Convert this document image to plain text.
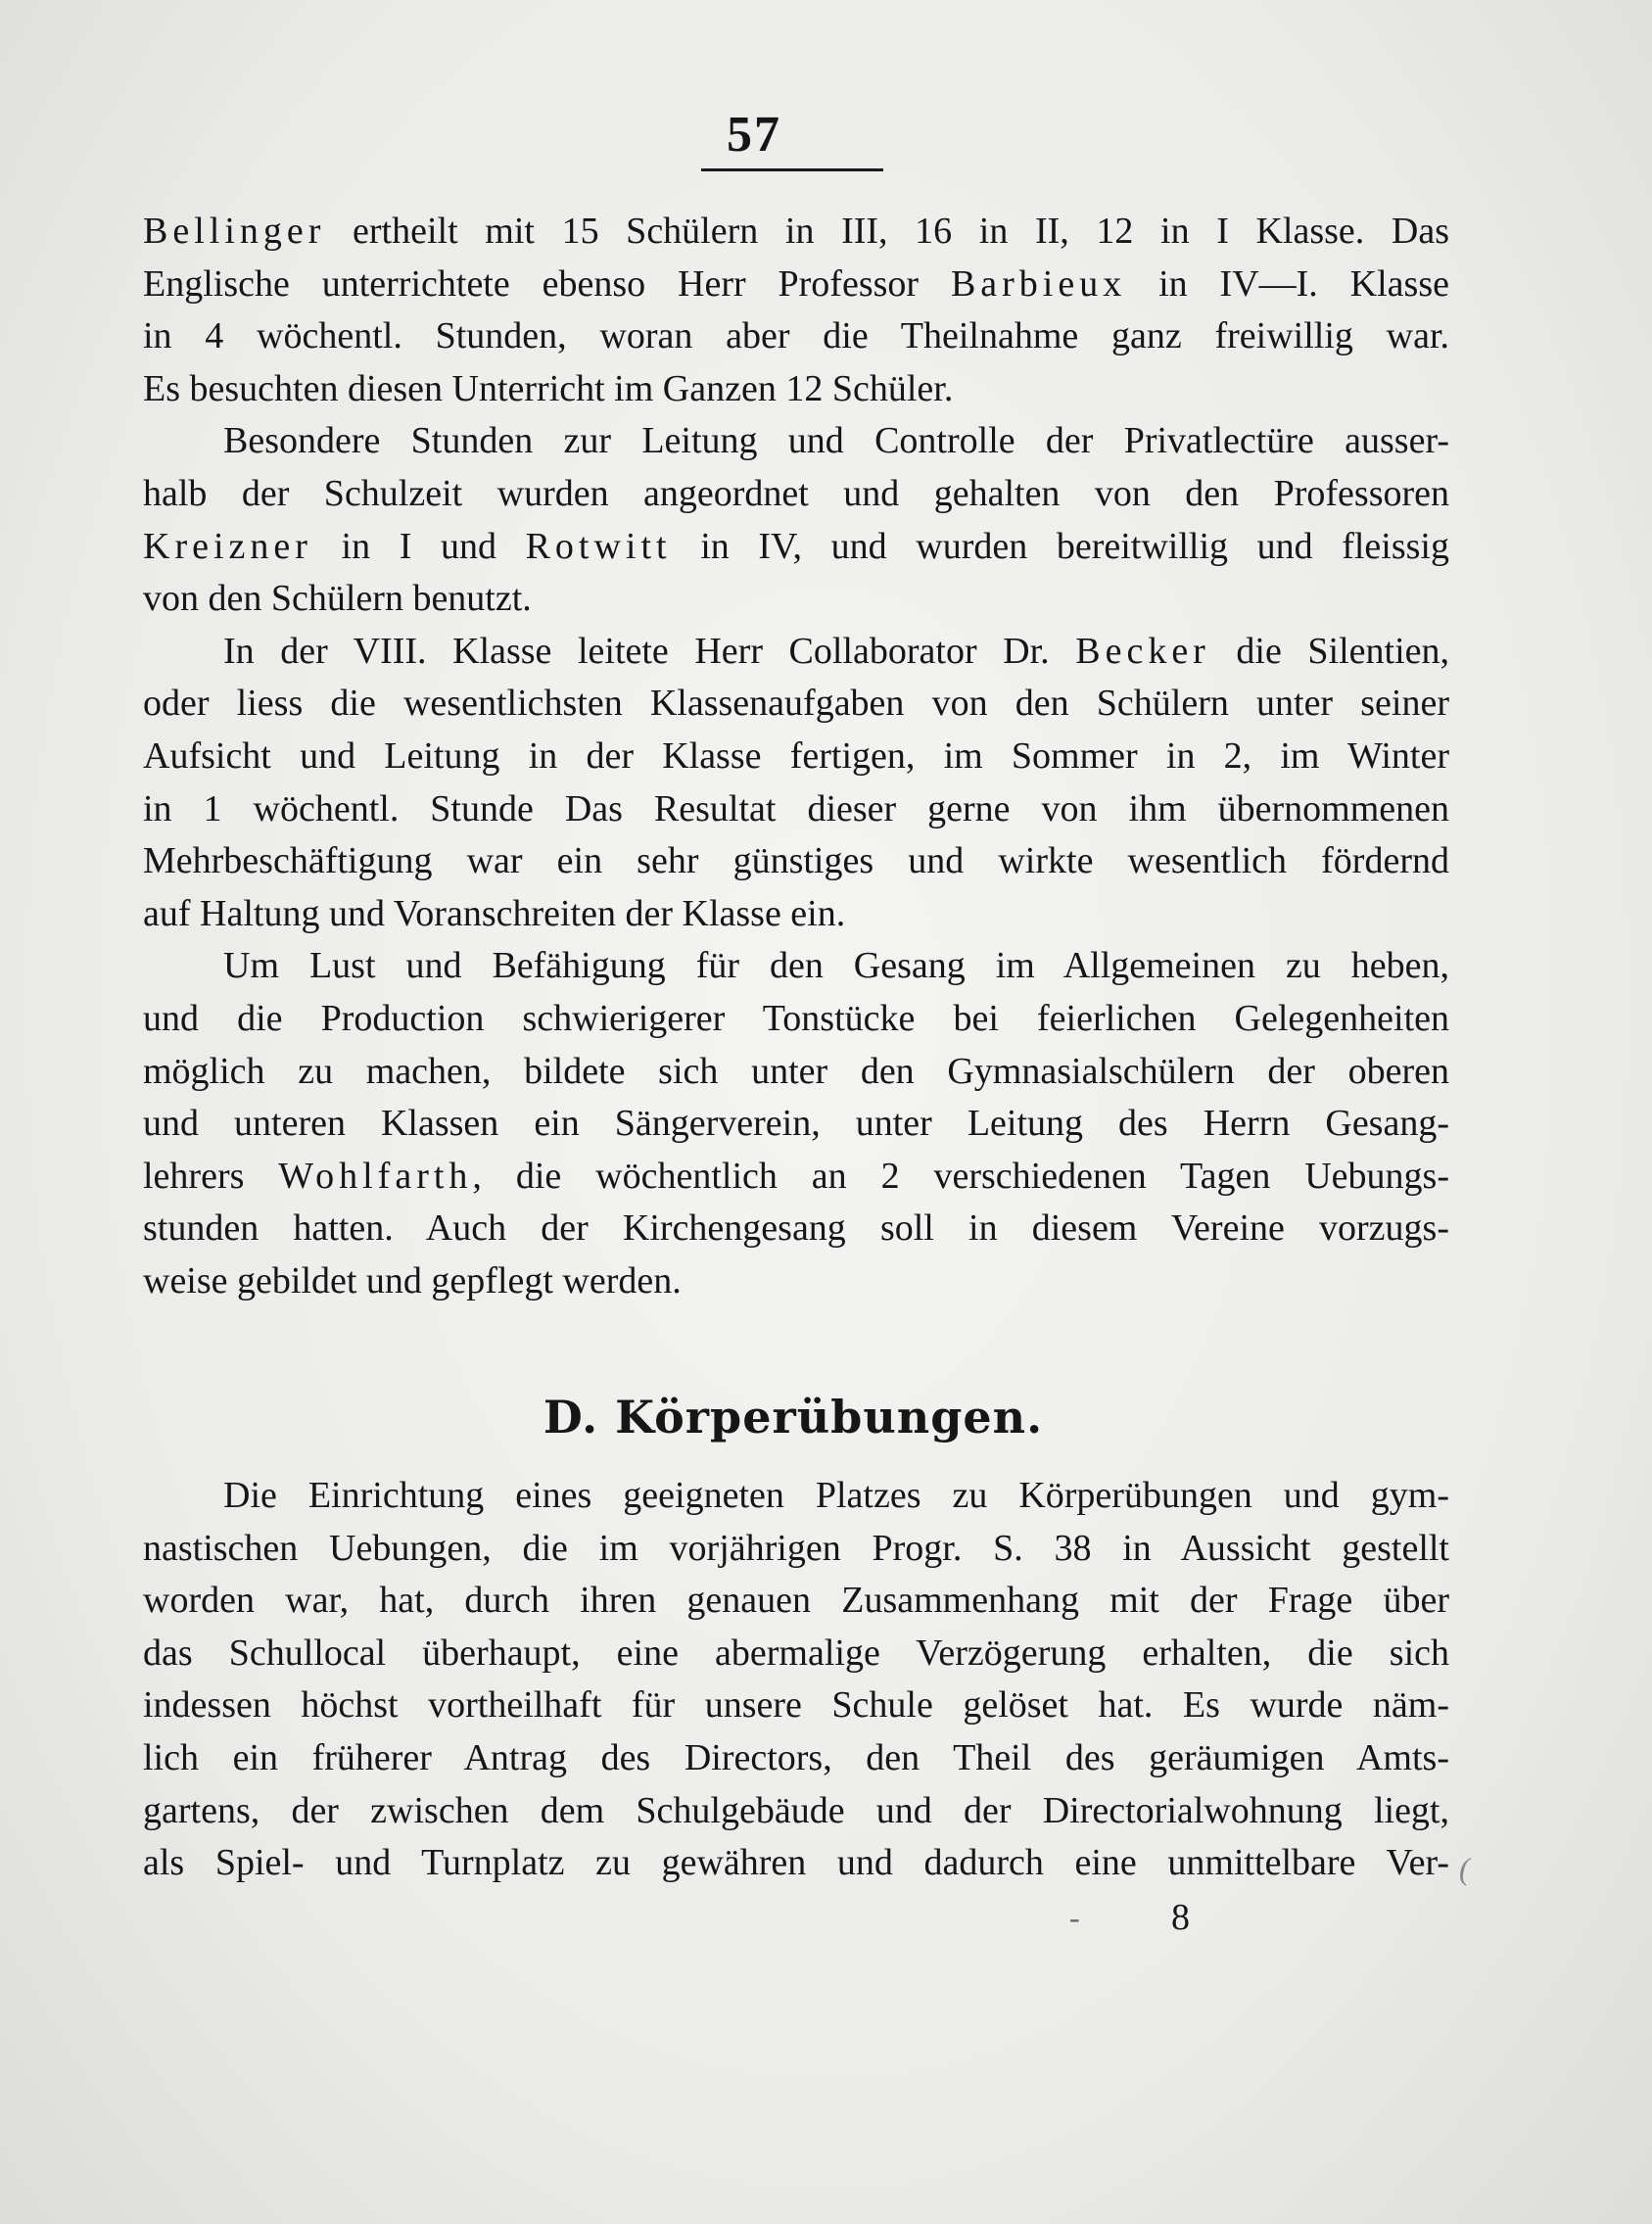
57
Bellinger ertheilt mit 15 Schülern in III, 16 in II, 12 in I Klasse. Das
Englische unterrichtete ebenso Herr Professor Barbieux in IV—I. Klasse
in 4 wöchentl. Stunden, woran aber die Theilnahme ganz freiwillig war.
Es besuchten diesen Unterricht im Ganzen 12 Schüler.
Besondere Stunden zur Leitung und Controlle der Privatlectüre ausser-
halb der Schulzeit wurden angeordnet und gehalten von den Professoren
Kreizner in I und Rotwitt in IV, und wurden bereitwillig und fleissig
von den Schülern benutzt.
In der VIII. Klasse leitete Herr Collaborator Dr. Becker die Silentien,
oder liess die wesentlichsten Klassenaufgaben von den Schülern unter seiner
Aufsicht und Leitung in der Klasse fertigen, im Sommer in 2, im Winter
in 1 wöchentl. Stunde Das Resultat dieser gerne von ihm übernommenen
Mehrbeschäftigung war ein sehr günstiges und wirkte wesentlich fördernd
auf Haltung und Voranschreiten der Klasse ein.
Um Lust und Befähigung für den Gesang im Allgemeinen zu heben,
und die Production schwierigerer Tonstücke bei feierlichen Gelegenheiten
möglich zu machen, bildete sich unter den Gymnasialschülern der oberen
und unteren Klassen ein Sängerverein, unter Leitung des Herrn Gesang-
lehrers Wohlfarth, die wöchentlich an 2 verschiedenen Tagen Uebungs-
stunden hatten. Auch der Kirchengesang soll in diesem Vereine vorzugs-
weise gebildet und gepflegt werden.
D. Körperübungen.
Die Einrichtung eines geeigneten Platzes zu Körperübungen und gym-
nastischen Uebungen, die im vorjährigen Progr. S. 38 in Aussicht gestellt
worden war, hat, durch ihren genauen Zusammenhang mit der Frage über
das Schullocal überhaupt, eine abermalige Verzögerung erhalten, die sich
indessen höchst vortheilhaft für unsere Schule gelöset hat. Es wurde näm-
lich ein früherer Antrag des Directors, den Theil des geräumigen Amts-
gartens, der zwischen dem Schulgebäude und der Directorialwohnung liegt,
als Spiel- und Turnplatz zu gewähren und dadurch eine unmittelbare Ver-
- 8
(
